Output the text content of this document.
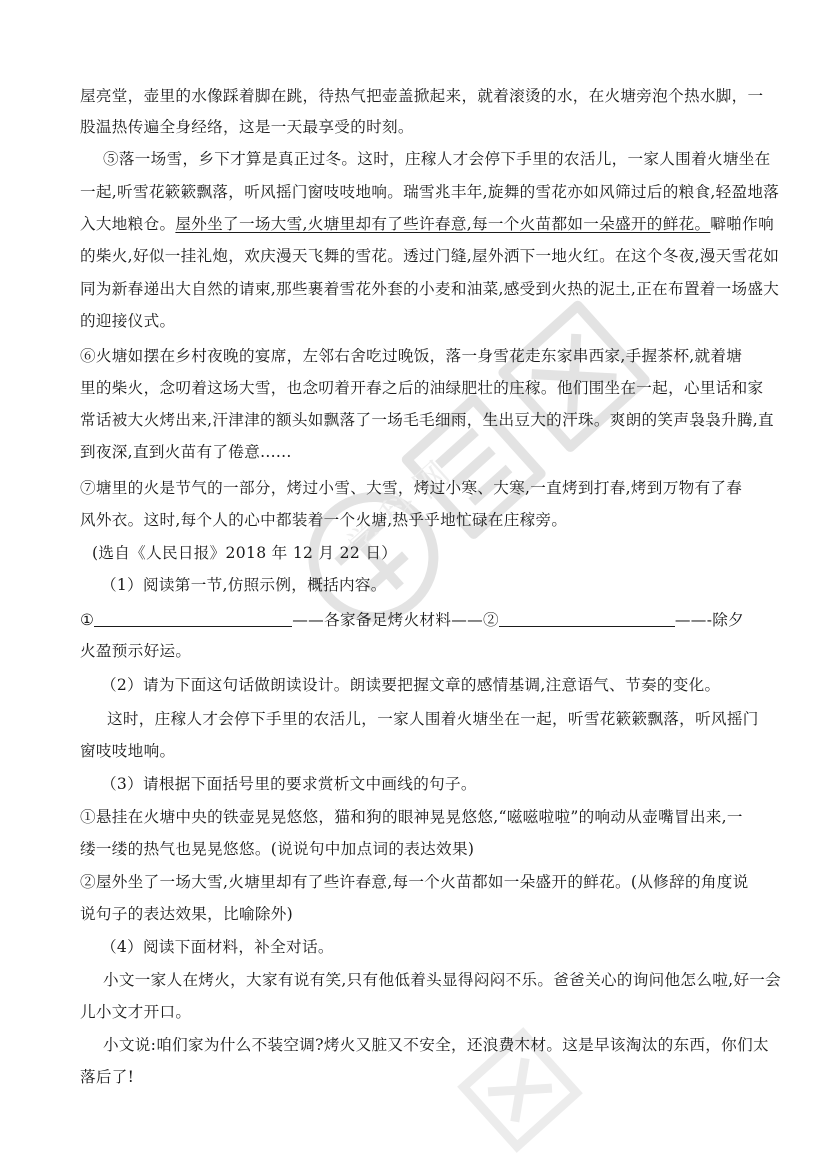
学 科 网
屋亮堂，壶里的水像踩着脚在跳，待热气把壶盖掀起来，就着滚烫的水，在火塘旁泡个热水脚，一
股温热传遍全身经络，这是一天最享受的时刻。
⑤落一场雪，乡下才算是真正过冬。这时，庄稼人才会停下手里的农活儿，一家人围着火塘坐在
一起,听雪花簌簌飘落，听风摇门窗吱吱地响。瑞雪兆丰年,旋舞的雪花亦如风筛过后的粮食,轻盈地落
入大地粮仓。屋外坐了一场大雪,火塘里却有了些许春意,每一个火苗都如一朵盛开的鲜花。噼啪作响
的柴火,好似一挂礼炮，欢庆漫天飞舞的雪花。透过门缝,屋外洒下一地火红。在这个冬夜,漫天雪花如
同为新春递出大自然的请柬,那些裹着雪花外套的小麦和油菜,感受到火热的泥土,正在布置着一场盛大
的迎接仪式。
⑥火塘如摆在乡村夜晚的宴席，左邻右舍吃过晚饭，落一身雪花走东家串西家,手握茶杯,就着塘
里的柴火，念叨着这场大雪，也念叨着开春之后的油绿肥壮的庄稼。他们围坐在一起，心里话和家
常话被大火烤出来,汗津津的额头如飘落了一场毛毛细雨，生出豆大的汗珠。爽朗的笑声袅袅升腾,直
到夜深,直到火苗有了倦意......
⑦塘里的火是节气的一部分，烤过小雪、大雪，烤过小寒、大寒,一直烤到打春,烤到万物有了春
风外衣。这时,每个人的心中都装着一个火塘,热乎乎地忙碌在庄稼旁。
(选自《人民日报》2018 年 12 月 22 日）
（1）阅读第一节,仿照示例，概括内容。
①	——各家备足烤火材料——②	——-除夕
火盈预示好运。
（2）请为下面这句话做朗读设计。朗读要把握文章的感情基调,注意语气、节奏的变化。
这时，庄稼人才会停下手里的农活儿，一家人围着火塘坐在一起，听雪花簌簌飘落，听风摇门
窗吱吱地响。
（3）请根据下面括号里的要求赏析文中画线的句子。
①悬挂在火塘中央的铁壶晃晃悠悠，猫和狗的眼神晃晃悠悠,“嗞嗞啦啦”的响动从壶嘴冒出来,一
缕一缕的热气也晃晃悠悠。(说说句中加点词的表达效果)
②屋外坐了一场大雪,火塘里却有了些许春意,每一个火苗都如一朵盛开的鲜花。(从修辞的角度说
说句子的表达效果，比喻除外)
（4）阅读下面材料，补全对话。
小文一家人在烤火，大家有说有笑,只有他低着头显得闷闷不乐。爸爸关心的询问他怎么啦,好一会
儿小文才开口。
小文说:咱们家为什么不装空调?烤火又脏又不安全，还浪费木材。这是早该淘汰的东西，你们太
落后了!
